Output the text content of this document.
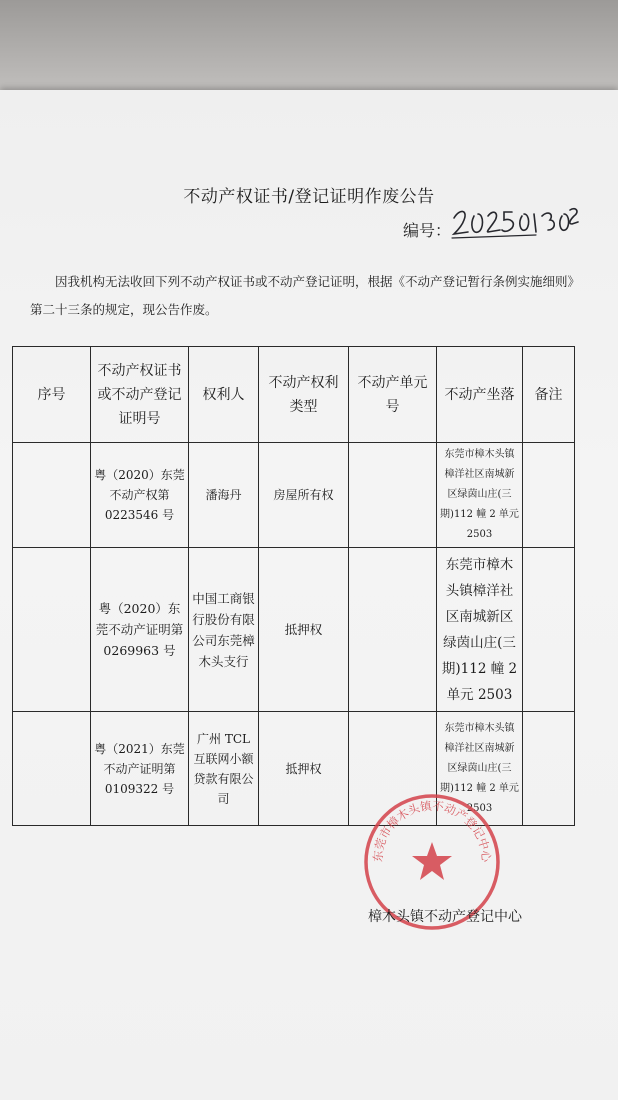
不动产权证书/登记证明作废公告
编号：
因我机构无法收回下列不动产权证书或不动产登记证明，根据《不动产登记暂行条例实施细则》第二十三条的规定，现公告作废。
序号	不动产权证书或不动产登记证明号	权利人	不动产权利类型	不动产单元号	不动产坐落	备注
	粤（2020）东莞不动产权第 0223546 号	潘海丹	房屋所有权		东莞市樟木头镇樟洋社区南城新区绿茵山庄(三期)112 幢 2 单元 2503	
	粤（2020）东莞不动产证明第 0269963 号	中国工商银行股份有限公司东莞樟木头支行	抵押权		东莞市樟木头镇樟洋社区南城新区绿茵山庄(三期)112 幢 2 单元 2503	
	粤（2021）东莞不动产证明第 0109322 号	广州 TCL 互联网小额贷款有限公司	抵押权		东莞市樟木头镇樟洋社区南城新区绿茵山庄(三期)112 幢 2 单元 2503	
东莞市樟木头镇不动产登记中心
樟木头镇不动产登记中心
